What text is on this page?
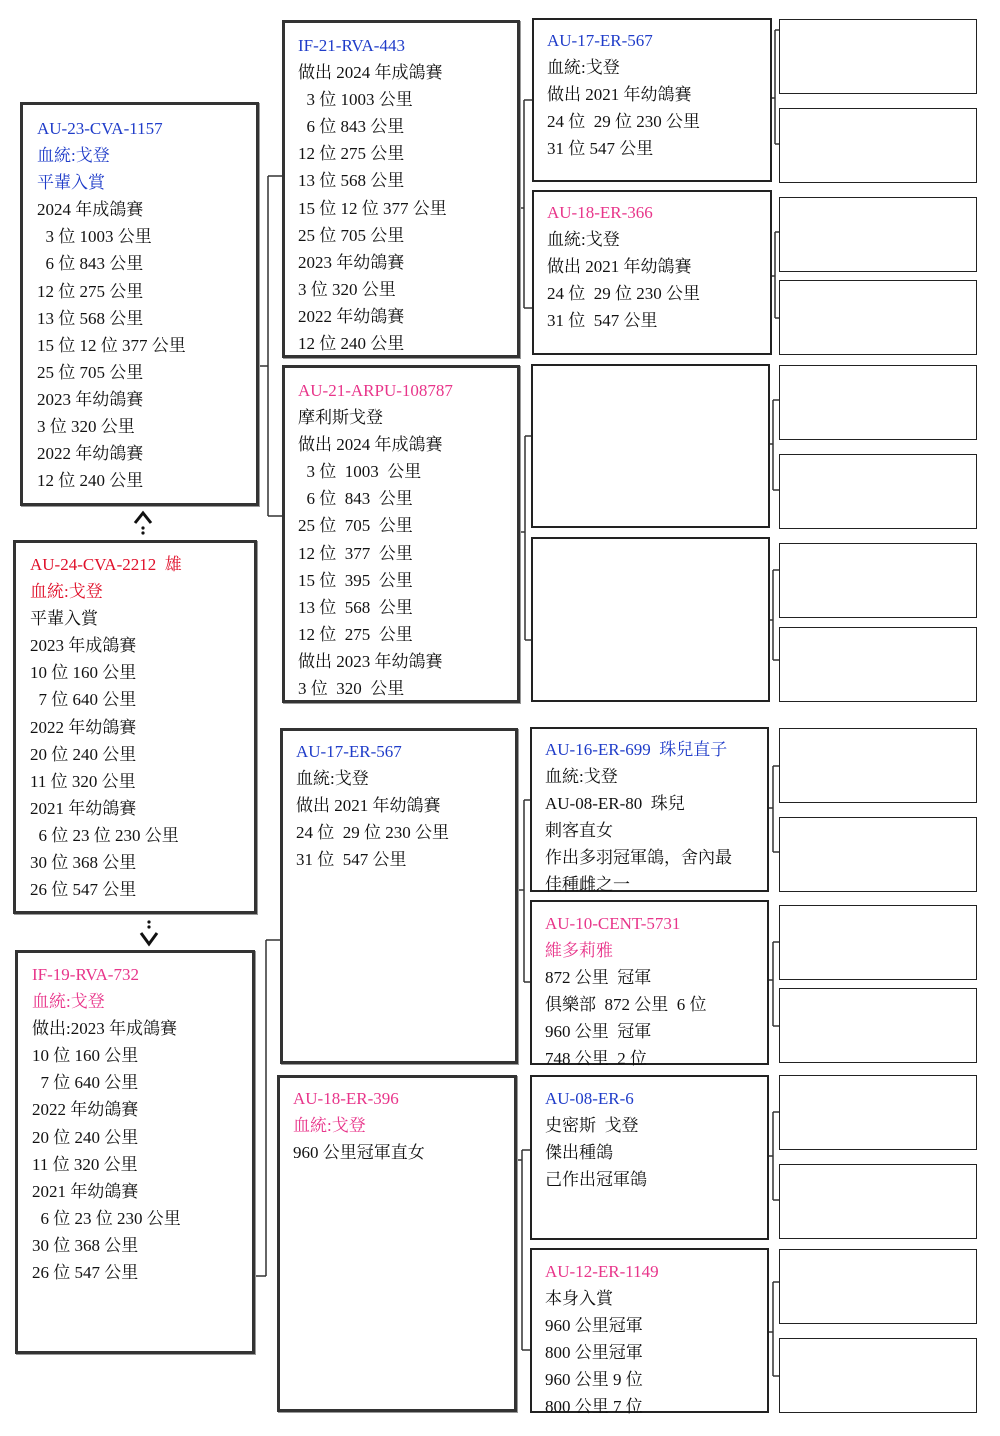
AU-23-CVA-1157
血統:戈登
平輩入賞
2024 年成鴿賽
3 位 1003 公里
6 位 843 公里
12 位 275 公里
13 位 568 公里
15 位 12 位 377 公里
25 位 705 公里
2023 年幼鴿賽
3 位 320 公里
2022 年幼鴿賽
12 位 240 公里
AU-24-CVA-2212  雄
血統:戈登
平輩入賞
2023 年成鴿賽
10 位 160 公里
7 位 640 公里
2022 年幼鴿賽
20 位 240 公里
11 位 320 公里
2021 年幼鴿賽
6 位 23 位 230 公里
30 位 368 公里
26 位 547 公里
IF-19-RVA-732
血統:戈登
做出:2023 年成鴿賽
10 位 160 公里
7 位 640 公里
2022 年幼鴿賽
20 位 240 公里
11 位 320 公里
2021 年幼鴿賽
6 位 23 位 230 公里
30 位 368 公里
26 位 547 公里
IF-21-RVA-443
做出 2024 年成鴿賽
3 位 1003 公里
6 位 843 公里
12 位 275 公里
13 位 568 公里
15 位 12 位 377 公里
25 位 705 公里
2023 年幼鴿賽
3 位 320 公里
2022 年幼鴿賽
12 位 240 公里
AU-21-ARPU-108787
摩利斯戈登
做出 2024 年成鴿賽
3 位  1003  公里
6 位  843  公里
25 位  705  公里
12 位  377  公里
15 位  395  公里
13 位  568  公里
12 位  275  公里
做出 2023 年幼鴿賽
3 位  320  公里
AU-17-ER-567
血統:戈登
做出 2021 年幼鴿賽
24 位  29 位 230 公里
31 位  547 公里
AU-18-ER-396
血統:戈登
960 公里冠軍直女
AU-17-ER-567
血統:戈登
做出 2021 年幼鴿賽
24 位  29 位 230 公里
31 位 547 公里
AU-18-ER-366
血統:戈登
做出 2021 年幼鴿賽
24 位  29 位 230 公里
31 位  547 公里
AU-16-ER-699  珠兒直子
血統:戈登
AU-08-ER-80  珠兒
刺客直女
作出多羽冠軍鴿，舍內最
佳種雌之一
AU-10-CENT-5731
維多莉雅
872 公里  冠軍
俱樂部  872 公里  6 位
960 公里  冠軍
748 公里  2 位
AU-08-ER-6
史密斯  戈登
傑出種鴿
己作出冠軍鴿
AU-12-ER-1149
本身入賞
960 公里冠軍
800 公里冠軍
960 公里 9 位
800 公里 7 位
